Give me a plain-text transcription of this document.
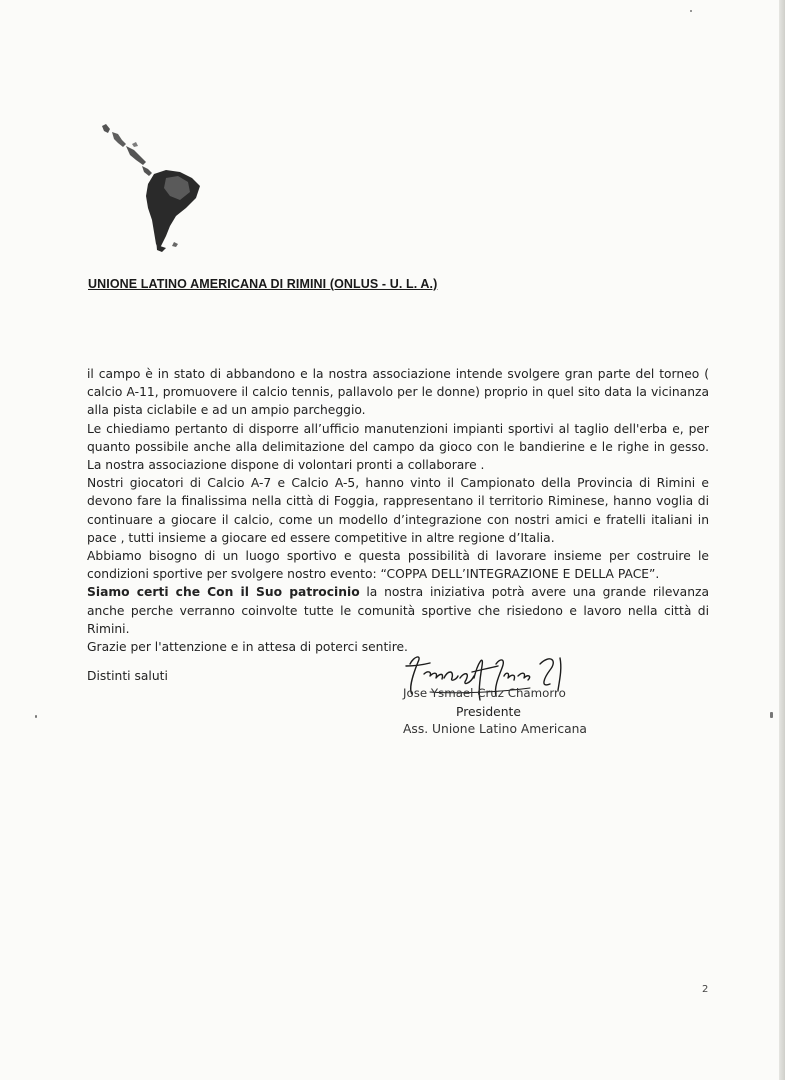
UNIONE LATINO AMERICANA DI RIMINI (ONLUS - U. L. A.)

il campo è in stato di abbandono e la nostra associazione intende svolgere gran parte del torneo ( calcio A-11, promuovere il calcio tennis, pallavolo per le donne) proprio in quel sito data la vicinanza alla pista ciclabile e ad un ampio parcheggio.

Le chiediamo pertanto di disporre all’ufficio manutenzioni impianti sportivi al taglio dell'erba e, per quanto possibile anche alla delimitazione del campo da gioco con le bandierine e le righe in gesso. La nostra associazione dispone di volontari pronti a collaborare .

Nostri giocatori di Calcio A-7 e Calcio A-5, hanno vinto il Campionato della Provincia di Rimini e devono fare la finalissima nella città di Foggia, rappresentano il territorio Riminese, hanno voglia di continuare a giocare il calcio, come un modello d’integrazione con nostri amici e fratelli italiani in pace , tutti insieme a giocare ed essere competitive in altre regione d’Italia.

Abbiamo bisogno di un luogo sportivo e questa possibilità di lavorare insieme per costruire le condizioni sportive per svolgere nostro evento: “COPPA DELL’INTEGRAZIONE E DELLA PACE”.

Siamo certi che Con il Suo patrocinio la nostra iniziativa potrà avere una grande rilevanza anche perche verranno coinvolte tutte le comunità sportive che risiedono e lavoro nella città di Rimini.

Grazie per l'attenzione e in attesa di poterci sentire.

Distinti saluti
Jose Ysmael Cruz Chamorro
Presidente
Ass. Unione Latino Americana
2
